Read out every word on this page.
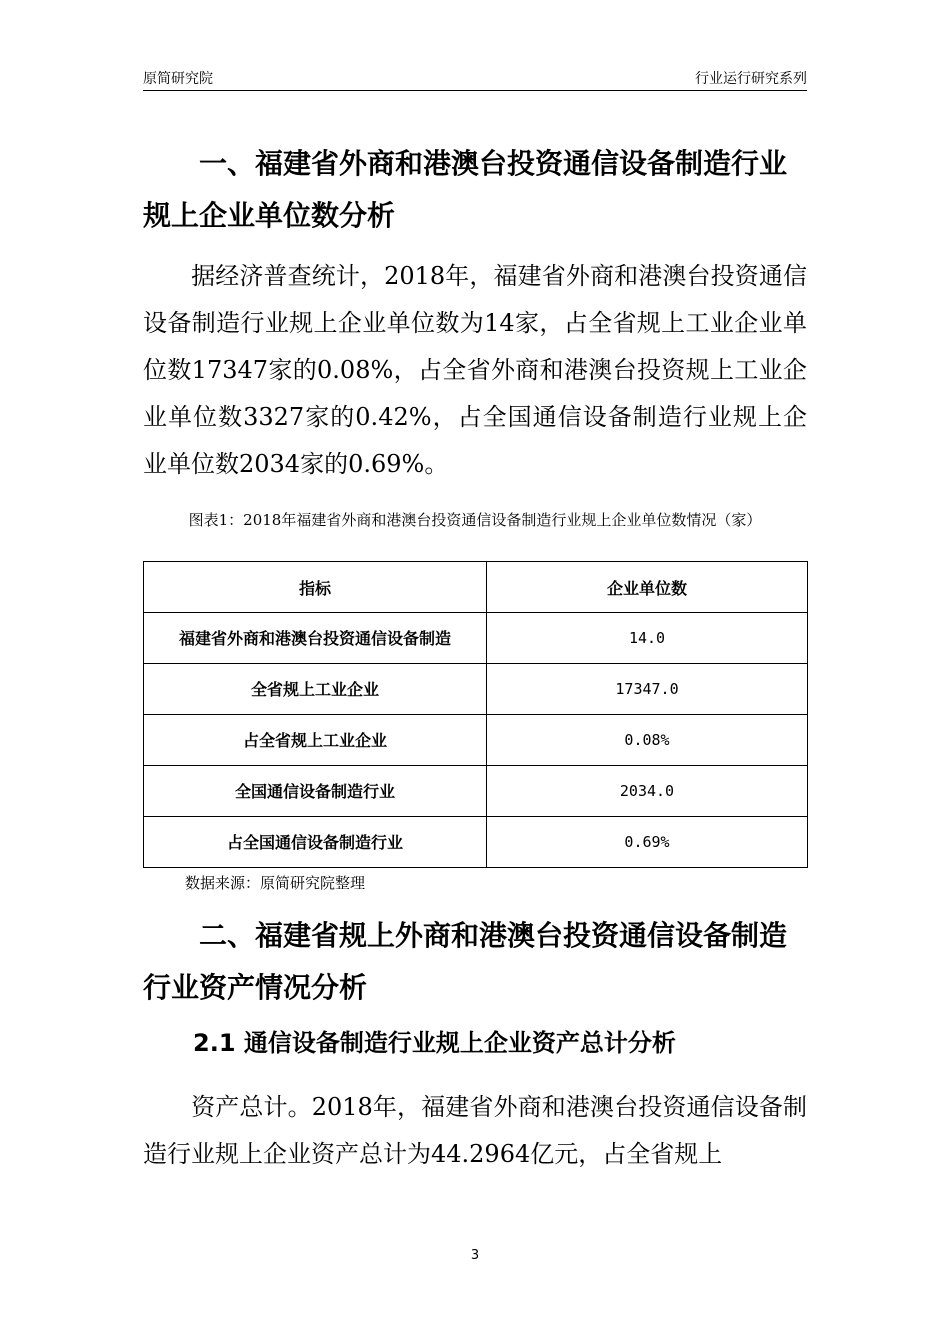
原简研究院	行业运行研究系列
一、福建省外商和港澳台投资通信设备制造行业规上企业单位数分析
据经济普查统计，2018年，福建省外商和港澳台投资通信设备制造行业规上企业单位数为14家，占全省规上工业企业单位数17347家的0.08%，占全省外商和港澳台投资规上工业企业单位数3327家的0.42%，占全国通信设备制造行业规上企业单位数2034家的0.69%。
图表1：2018年福建省外商和港澳台投资通信设备制造行业规上企业单位数情况（家）
指标	企业单位数
福建省外商和港澳台投资通信设备制造	14.0
全省规上工业企业	17347.0
占全省规上工业企业	0.08%
全国通信设备制造行业	2034.0
占全国通信设备制造行业	0.69%
数据来源：原简研究院整理
二、福建省规上外商和港澳台投资通信设备制造行业资产情况分析
2.1 通信设备制造行业规上企业资产总计分析
资产总计。2018年，福建省外商和港澳台投资通信设备制造行业规上企业资产总计为44.2964亿元，占全省规上
3
